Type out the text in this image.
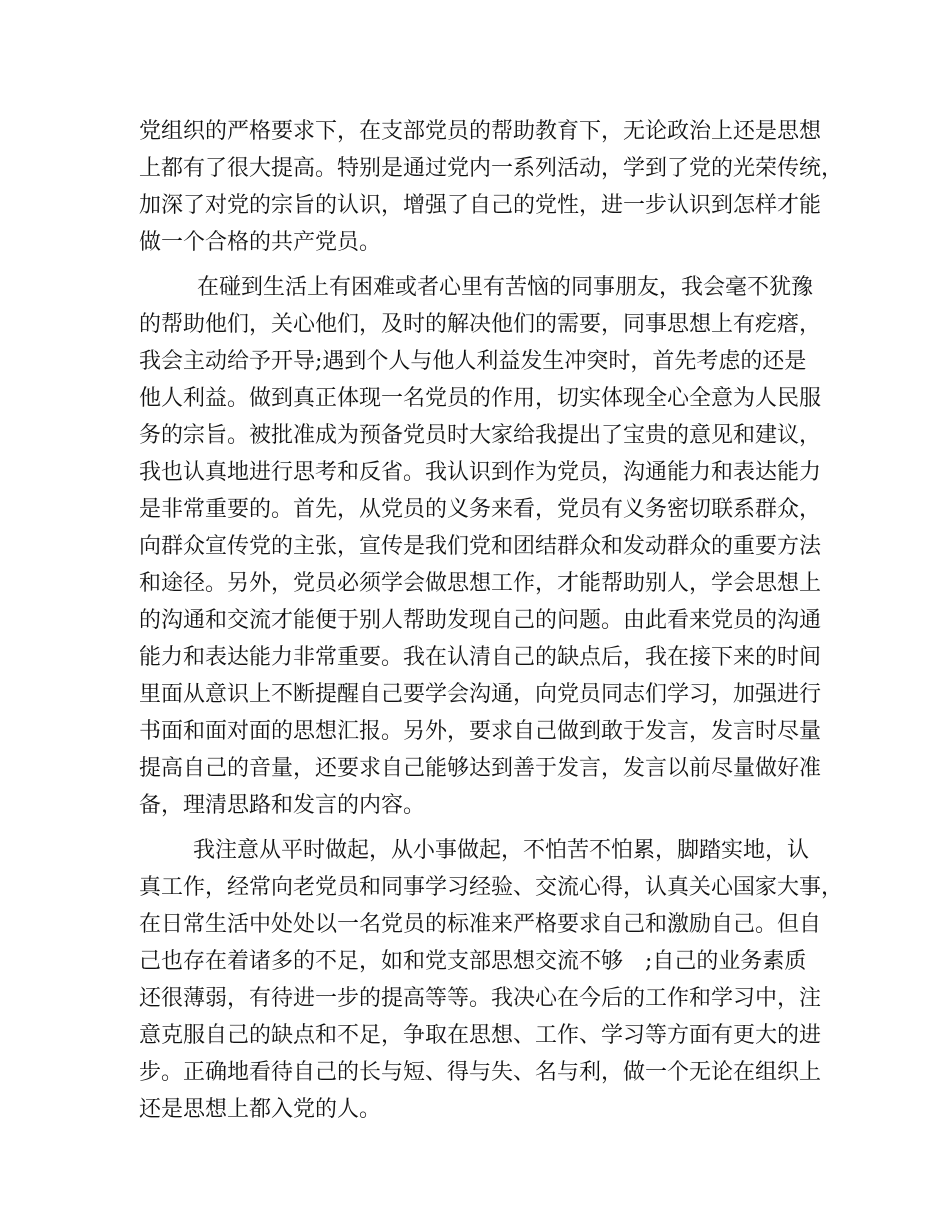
党组织的严格要求下，在支部党员的帮助教育下，无论政治上还是思想
上都有了很大提高。特别是通过党内一系列活动，学到了党的光荣传统，
加深了对党的宗旨的认识，增强了自己的党性，进一步认识到怎样才能
做一个合格的共产党员。
在碰到生活上有困难或者心里有苦恼的同事朋友，我会毫不犹豫
的帮助他们，关心他们，及时的解决他们的需要，同事思想上有疙瘩，
我会主动给予开导;遇到个人与他人利益发生冲突时，首先考虑的还是
他人利益。做到真正体现一名党员的作用，切实体现全心全意为人民服
务的宗旨。被批准成为预备党员时大家给我提出了宝贵的意见和建议，
我也认真地进行思考和反省。我认识到作为党员，沟通能力和表达能力
是非常重要的。首先，从党员的义务来看，党员有义务密切联系群众，
向群众宣传党的主张，宣传是我们党和团结群众和发动群众的重要方法
和途径。另外，党员必须学会做思想工作，才能帮助别人，学会思想上
的沟通和交流才能便于别人帮助发现自己的问题。由此看来党员的沟通
能力和表达能力非常重要。我在认清自己的缺点后，我在接下来的时间
里面从意识上不断提醒自己要学会沟通，向党员同志们学习，加强进行
书面和面对面的思想汇报。另外，要求自己做到敢于发言，发言时尽量
提高自己的音量，还要求自己能够达到善于发言，发言以前尽量做好准
备，理清思路和发言的内容。
我注意从平时做起，从小事做起，不怕苦不怕累，脚踏实地，认
真工作，经常向老党员和同事学习经验、交流心得，认真关心国家大事，
在日常生活中处处以一名党员的标准来严格要求自己和激励自己。但自
己也存在着诸多的不足，如和党支部思想交流不够　;自己的业务素质
还很薄弱，有待进一步的提高等等。我决心在今后的工作和学习中，注
意克服自己的缺点和不足，争取在思想、工作、学习等方面有更大的进
步。正确地看待自己的长与短、得与失、名与利，做一个无论在组织上
还是思想上都入党的人。
